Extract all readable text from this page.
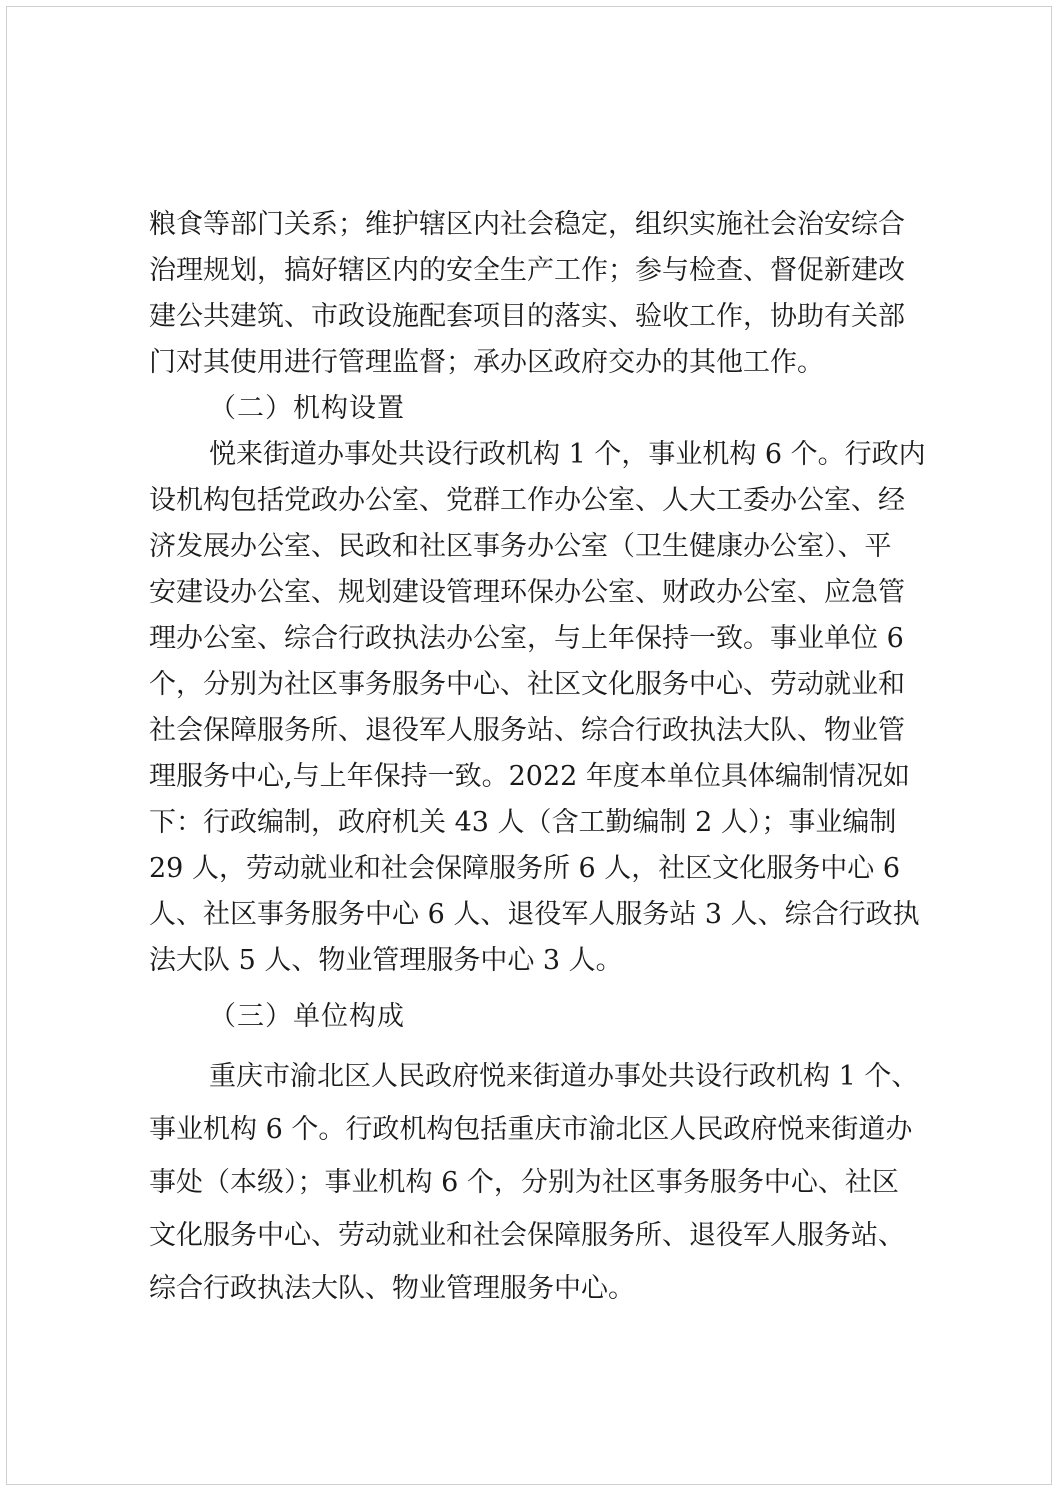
粮食等部门关系；维护辖区内社会稳定，组织实施社会治安综合
治理规划，搞好辖区内的安全生产工作；参与检查、督促新建改
建公共建筑、市政设施配套项目的落实、验收工作，协助有关部
门对其使用进行管理监督；承办区政府交办的其他工作。
（二）机构设置
悦来街道办事处共设行政机构 1 个，事业机构 6 个。行政内
设机构包括党政办公室、党群工作办公室、人大工委办公室、经
济发展办公室、民政和社区事务办公室（卫生健康办公室）、平
安建设办公室、规划建设管理环保办公室、财政办公室、应急管
理办公室、综合行政执法办公室，与上年保持一致。事业单位 6
个，分别为社区事务服务中心、社区文化服务中心、劳动就业和
社会保障服务所、退役军人服务站、综合行政执法大队、物业管
理服务中心,与上年保持一致。2022 年度本单位具体编制情况如
下：行政编制，政府机关 43 人（含工勤编制 2 人）；事业编制
29 人，劳动就业和社会保障服务所 6 人，社区文化服务中心 6
人、社区事务服务中心 6 人、退役军人服务站 3 人、综合行政执
法大队 5 人、物业管理服务中心 3 人。
（三）单位构成
重庆市渝北区人民政府悦来街道办事处共设行政机构 1 个、
事业机构 6 个。行政机构包括重庆市渝北区人民政府悦来街道办
事处（本级）；事业机构 6 个，分别为社区事务服务中心、社区
文化服务中心、劳动就业和社会保障服务所、退役军人服务站、
综合行政执法大队、物业管理服务中心。
